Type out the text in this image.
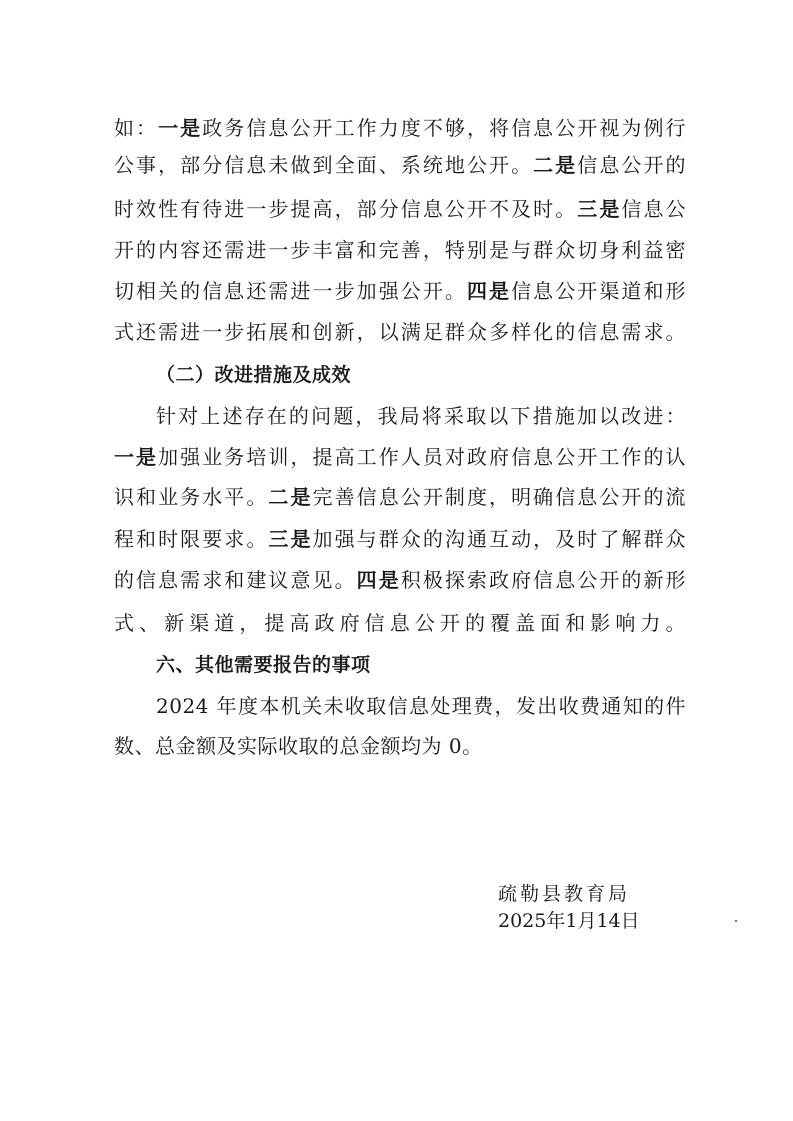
如：一是政务信息公开工作力度不够，将信息公开视为例行
公事，部分信息未做到全面、系统地公开。二是信息公开的
时效性有待进一步提高，部分信息公开不及时。三是信息公
开的内容还需进一步丰富和完善，特别是与群众切身利益密
切相关的信息还需进一步加强公开。四是信息公开渠道和形
式还需进一步拓展和创新，以满足群众多样化的信息需求。
（二）改进措施及成效
针对上述存在的问题，我局将采取以下措施加以改进：
一是加强业务培训，提高工作人员对政府信息公开工作的认
识和业务水平。二是完善信息公开制度，明确信息公开的流
程和时限要求。三是加强与群众的沟通互动，及时了解群众
的信息需求和建议意见。四是积极探索政府信息公开的新形
式、新渠道，提高政府信息公开的覆盖面和影响力。
六、其他需要报告的事项
2024 年度本机关未收取信息处理费，发出收费通知的件
数、总金额及实际收取的总金额均为 0。
疏勒县教育局
2025年1月14日
